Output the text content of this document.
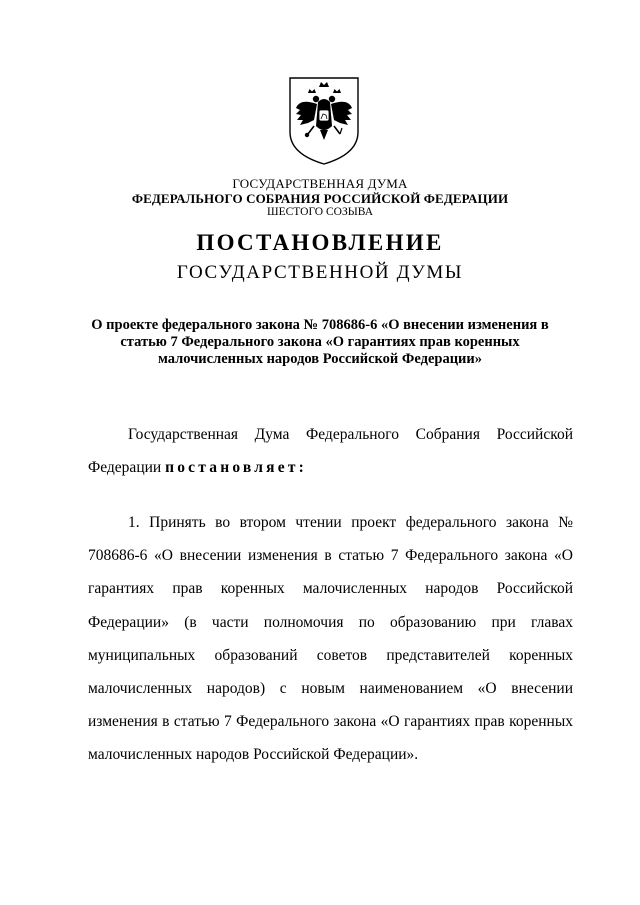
ГОСУДАРСТВЕННАЯ ДУМА
ФЕДЕРАЛЬНОГО СОБРАНИЯ РОССИЙСКОЙ ФЕДЕРАЦИИ
ШЕСТОГО СОЗЫВА
ПОСТАНОВЛЕНИЕ
ГОСУДАРСТВЕННОЙ ДУМЫ
О проекте федерального закона № 708686-6 «О внесении изменения в статью 7 Федерального закона «О гарантиях прав коренных малочисленных народов Российской Федерации»
Государственная Дума Федерального Собрания Российской Федерации постановляет:
1. Принять во втором чтении проект федерального закона № 708686-6 «О внесении изменения в статью 7 Федерального закона «О гарантиях прав коренных малочисленных народов Российской Федерации» (в части полномочия по образованию при главах муниципальных образований советов представителей коренных малочисленных народов) с новым наименованием «О внесении изменения в статью 7 Федерального закона «О гарантиях прав коренных малочисленных народов Российской Федерации».
